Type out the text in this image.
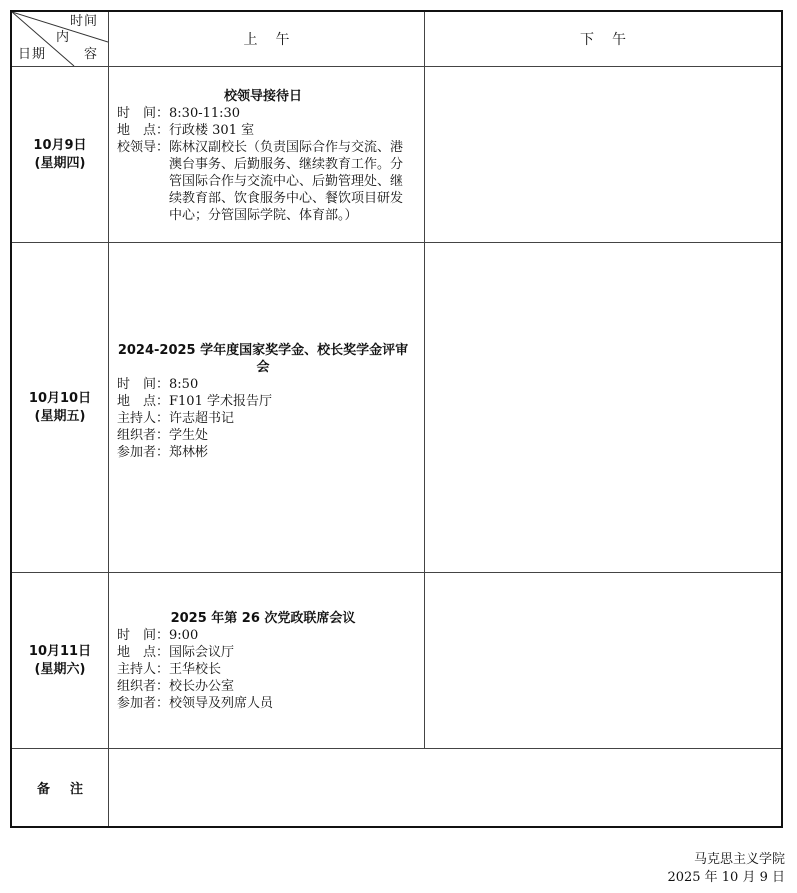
时间
内
容
日期
上午	下午
10月9日
(星期四)
校领导接待日
时　间： 8:30-11:30
地　点： 行政楼 301 室
校领导： 陈林汉副校长（负责国际合作与交流、港澳台事务、后勤服务、继续教育工作。分管国际合作与交流中心、后勤管理处、继续教育部、饮食服务中心、餐饮项目研发中心；分管国际学院、体育部。）
10月10日
(星期五)
2024-2025 学年度国家奖学金、校长奖学金评审会
时　间： 8:50
地　点： F101 学术报告厅
主持人： 许志超书记
组织者： 学生处
参加者： 郑林彬
10月11日
(星期六)
2025 年第 26 次党政联席会议
时　间： 9:00
地　点： 国际会议厅
主持人： 王华校长
组织者： 校长办公室
参加者： 校领导及列席人员
备注
马克思主义学院
2025 年 10 月 9 日
